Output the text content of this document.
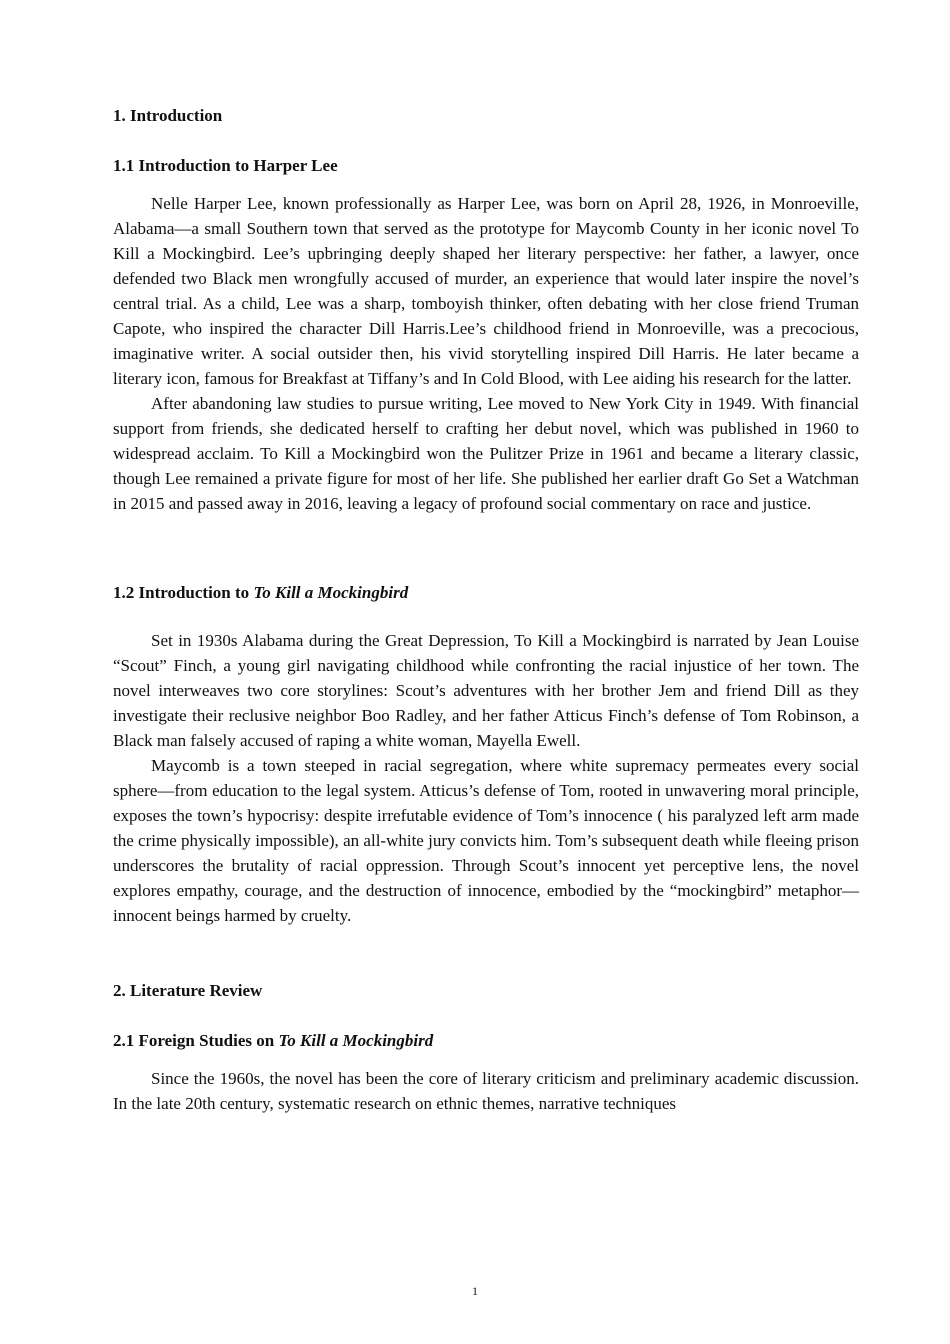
1. Introduction
1.1 Introduction to Harper Lee

Nelle Harper Lee, known professionally as Harper Lee, was born on April 28, 1926, in Monroeville, Alabama—a small Southern town that served as the prototype for Maycomb County in her iconic novel To Kill a Mockingbird. Lee’s upbringing deeply shaped her literary perspective: her father, a lawyer, once defended two Black men wrongfully accused of murder, an experience that would later inspire the novel’s central trial. As a child, Lee was a sharp, tomboyish thinker, often debating with her close friend Truman Capote, who inspired the character Dill Harris.Lee’s childhood friend in Monroeville, was a precocious, imaginative writer. A social outsider then, his vivid storytelling inspired Dill Harris. He later became a literary icon, famous for Breakfast at Tiffany’s and In Cold Blood, with Lee aiding his research for the latter.

After abandoning law studies to pursue writing, Lee moved to New York City in 1949. With financial support from friends, she dedicated herself to crafting her debut novel, which was published in 1960 to widespread acclaim. To Kill a Mockingbird won the Pulitzer Prize in 1961 and became a literary classic, though Lee remained a private figure for most of her life. She published her earlier draft Go Set a Watchman in 2015 and passed away in 2016, leaving a legacy of profound social commentary on race and justice.

1.2 Introduction to To Kill a Mockingbird

Set in 1930s Alabama during the Great Depression, To Kill a Mockingbird is narrated by Jean Louise “Scout” Finch, a young girl navigating childhood while confronting the racial injustice of her town. The novel interweaves two core storylines: Scout’s adventures with her brother Jem and friend Dill as they investigate their reclusive neighbor Boo Radley, and her father Atticus Finch’s defense of Tom Robinson, a Black man falsely accused of raping a white woman, Mayella Ewell.

Maycomb is a town steeped in racial segregation, where white supremacy permeates every social sphere—from education to the legal system. Atticus’s defense of Tom, rooted in unwavering moral principle, exposes the town’s hypocrisy: despite irrefutable evidence of Tom’s innocence ( his paralyzed left arm made the crime physically impossible), an all-white jury convicts him. Tom’s subsequent death while fleeing prison underscores the brutality of racial oppression. Through Scout’s innocent yet perceptive lens, the novel explores empathy, courage, and the destruction of innocence, embodied by the “mockingbird” metaphor—innocent beings harmed by cruelty.

2. Literature Review
2.1 Foreign Studies on To Kill a Mockingbird

Since the 1960s, the novel has been the core of literary criticism and preliminary academic discussion. In the late 20th century, systematic research on ethnic themes, narrative techniques

1
